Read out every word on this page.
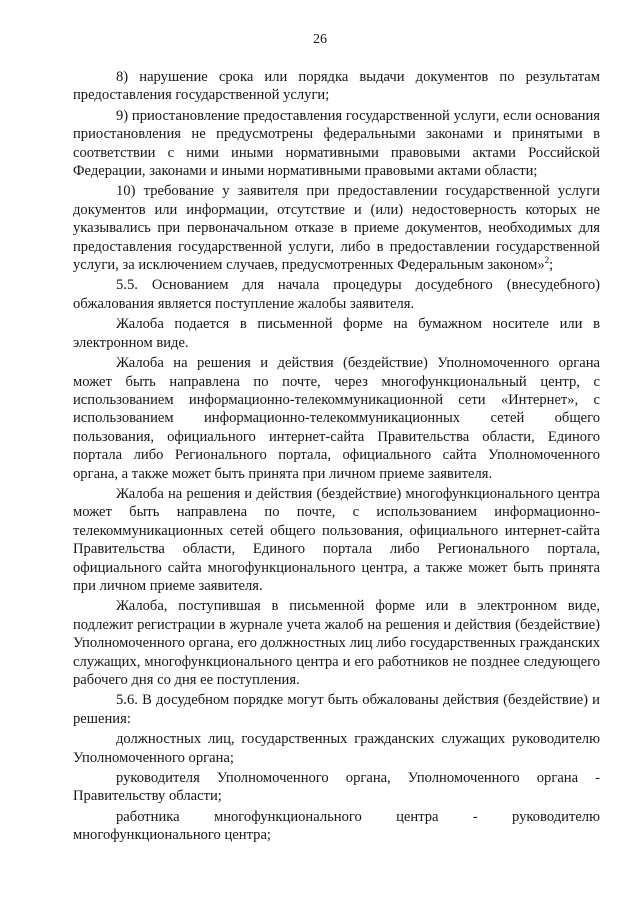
26

8) нарушение срока или порядка выдачи документов по результатам предоставления государственной услуги;

9) приостановление предоставления государственной услуги, если основания приостановления не предусмотрены федеральными законами и принятыми в соответствии с ними иными нормативными правовыми актами Российской Федерации, законами и иными нормативными правовыми актами области;

10) требование у заявителя при предоставлении государственной услуги документов или информации, отсутствие и (или) недостоверность которых не указывались при первоначальном отказе в приеме документов, необходимых для предоставления государственной услуги, либо в предоставлении государственной услуги, за исключением случаев, предусмотренных Федеральным законом»$^2$;

5.5. Основанием для начала процедуры досудебного (внесудебного) обжалования является поступление жалобы заявителя.

Жалоба подается в письменной форме на бумажном носителе или в электронном виде.

Жалоба на решения и действия (бездействие) Уполномоченного органа может быть направлена по почте, через многофункциональный центр, с использованием информационно-телекоммуникационной сети «Интернет», с использованием информационно-телекоммуникационных сетей общего пользования, официального интернет-сайта Правительства области, Единого портала либо Регионального портала, официального сайта Уполномоченного органа, а также может быть принята при личном приеме заявителя.

Жалоба на решения и действия (бездействие) многофункционального центра может быть направлена по почте, с использованием информационно-телекоммуникационных сетей общего пользования, официального интернет-сайта Правительства области, Единого портала либо Регионального портала, официального сайта многофункционального центра, а также может быть принята при личном приеме заявителя.

Жалоба, поступившая в письменной форме или в электронном виде, подлежит регистрации в журнале учета жалоб на решения и действия (бездействие) Уполномоченного органа, его должностных лиц либо государственных гражданских служащих, многофункционального центра и его работников не позднее следующего рабочего дня со дня ее поступления.

5.6. В досудебном порядке могут быть обжалованы действия (бездействие) и решения:

должностных лиц, государственных гражданских служащих руководителю Уполномоченного органа;

руководителя Уполномоченного органа, Уполномоченного органа - Правительству области;

работника многофункционального центра - руководителю многофункционального центра;
